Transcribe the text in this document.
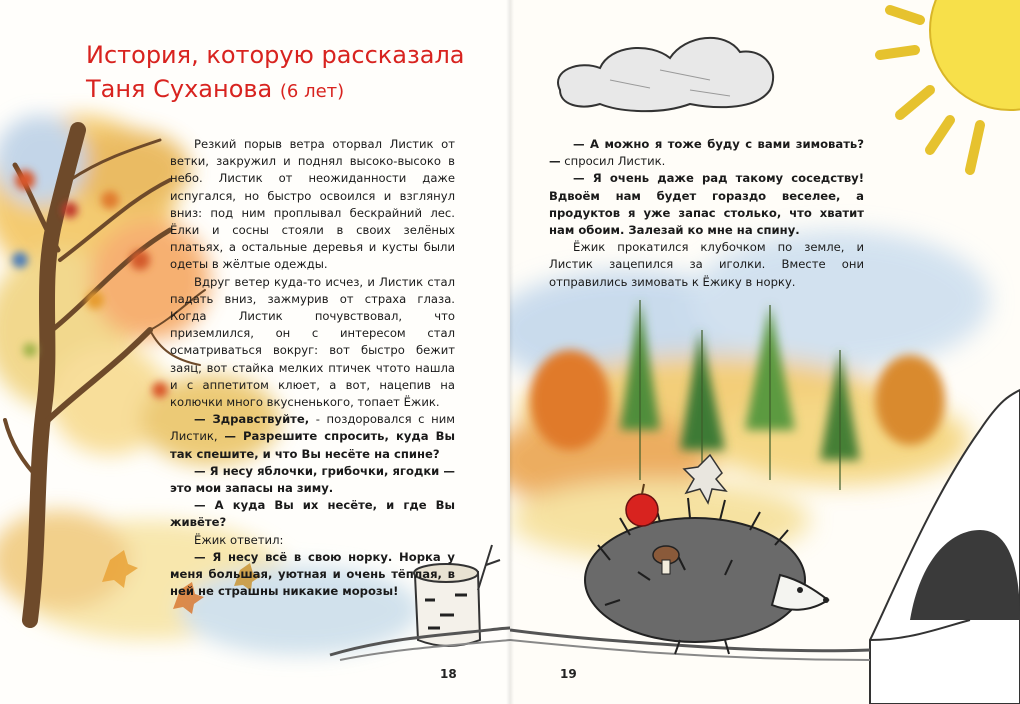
История, которую рассказала
Таня Суханова (6 лет)

Резкий порыв ветра оторвал Листик от ветки, закружил и поднял высоко-высоко в небо. Листик от неожиданности даже испугался, но быстро освоился и взглянул вниз: под ним проплывал бескрайний лес. Ёлки и сосны стояли в своих зелёных платьях, а остальные деревья и кусты были одеты в жёлтые одежды.

Вдруг ветер куда-то исчез, и Листик стал падать вниз, зажмурив от страха глаза. Когда Листик почувствовал, что приземлился, он с интересом стал осматриваться вокруг: вот быстро бежит заяц, вот стайка мелких птичек чтото нашла и с аппетитом клюет, а вот, нацепив на колючки много вкусненького, топает Ёжик.

— Здравствуйте, - поздоровался с ним Листик, — Разрешите спросить, куда Вы так спешите, и что Вы несёте на спине?

— Я несу яблочки, грибочки, ягодки — это мои запасы на зиму.

— А куда Вы их несёте, и где Вы живёте?

Ёжик ответил:

— Я несу всё в свою норку. Норка у меня большая, уютная и очень тёплая, в ней не страшны никакие морозы!

18

— А можно я тоже буду с вами зимовать? — спросил Листик.

— Я очень даже рад такому соседству! Вдвоём нам будет гораздо веселее, а продуктов я уже запас столько, что хватит нам обоим. Залезай ко мне на спину.

Ёжик прокатился клубочком по земле, и Листик зацепился за иголки. Вместе они отправились зимовать к Ёжику в норку.

19
